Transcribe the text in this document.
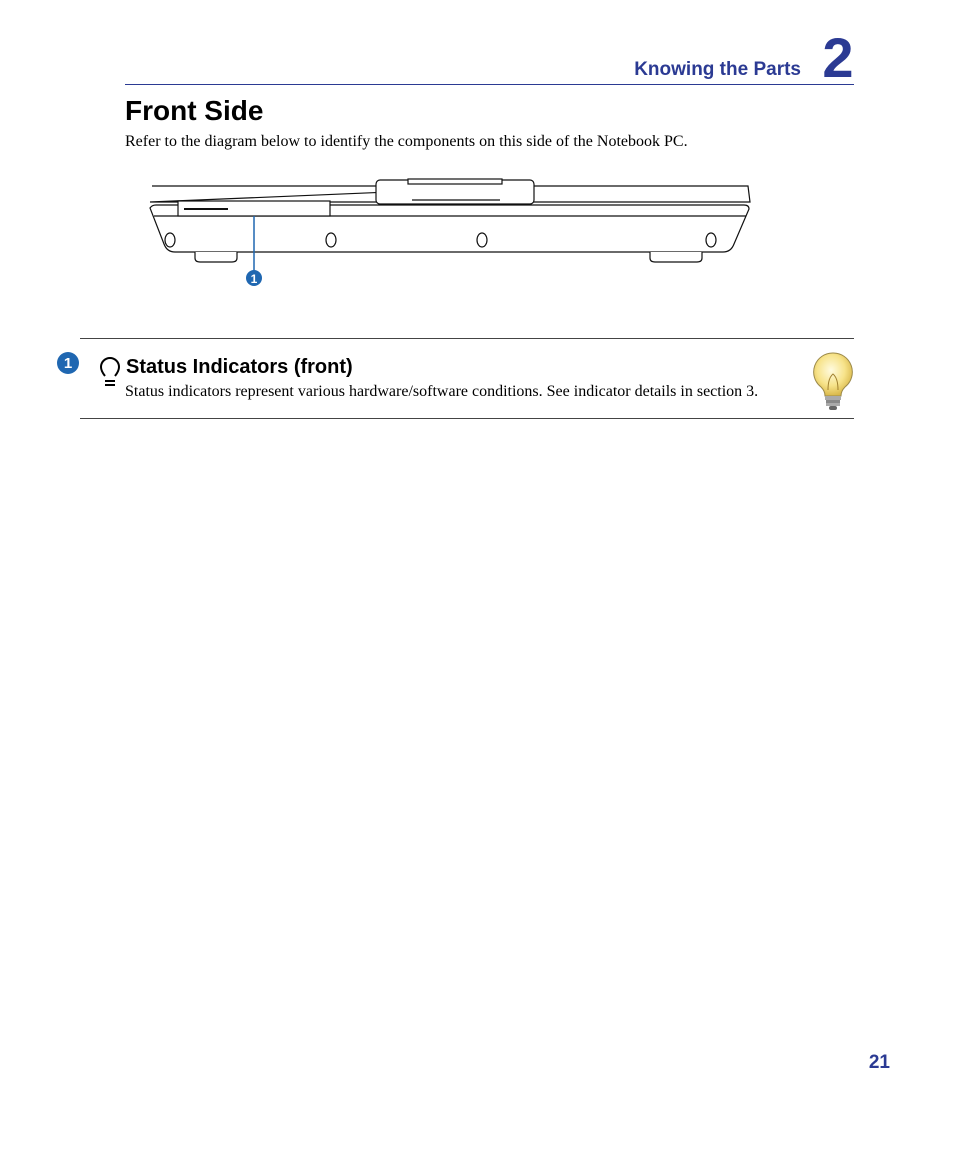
Knowing the Parts 2
Front Side
Refer to the diagram below to identify the components on this side of the Notebook PC.
1
1	Status Indicators (front)
Status indicators represent various hardware/software conditions. See indicator details in section 3.
21
